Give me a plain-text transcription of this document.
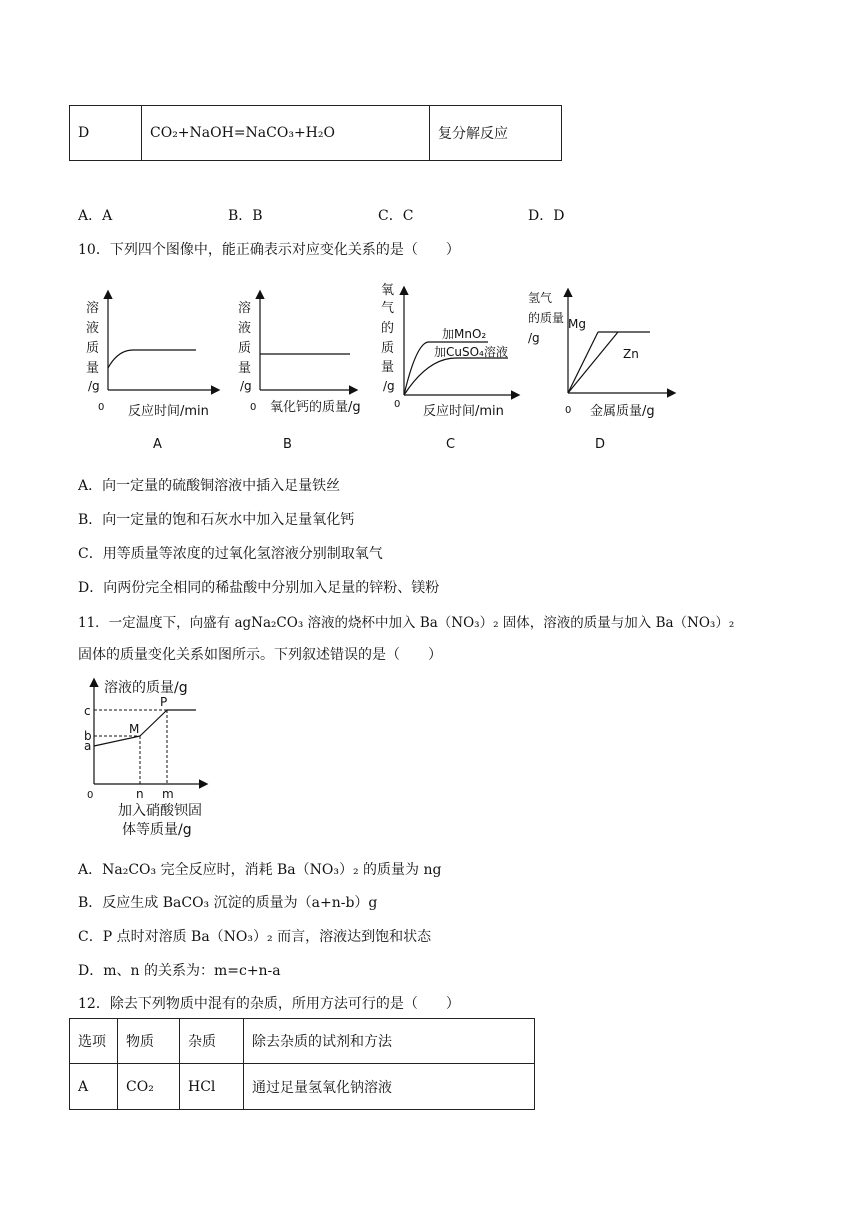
D	CO₂+NaOH=NaCO₃+H₂O	复分解反应
A．A	B．B	C．C	D．D
10．下列四个图像中，能正确表示对应变化关系的是（　　）
溶
液
质
量
/g
0 反应时间/min
A
溶
液
质
量
/g
0 氧化钙的质量/g
B
氧
气
的
质
量
/g
0
加MnO₂
加CuSO₄溶液
反应时间/min
C
氢气
的质量
/g
0
Mg
Zn
金属质量/g
D
A．向一定量的硫酸铜溶液中插入足量铁丝
B．向一定量的饱和石灰水中加入足量氧化钙
C．用等质量等浓度的过氧化氢溶液分别制取氧气
D．向两份完全相同的稀盐酸中分别加入足量的锌粉、镁粉
11．一定温度下，向盛有 agNa₂CO₃ 溶液的烧杯中加入 Ba（NO₃）₂ 固体，溶液的质量与加入 Ba（NO₃）₂
固体的质量变化关系如图所示。下列叙述错误的是（　　）
溶液的质量/g
c
b
a
M
P
0	n m
加入硝酸钡固
体等质量/g
A．Na₂CO₃ 完全反应时，消耗 Ba（NO₃）₂ 的质量为 ng
B．反应生成 BaCO₃ 沉淀的质量为（a+n-b）g
C．P 点时对溶质 Ba（NO₃）₂ 而言，溶液达到饱和状态
D．m、n 的关系为：m=c+n-a
12．除去下列物质中混有的杂质，所用方法可行的是（　　）
选项	物质	杂质	除去杂质的试剂和方法
A	CO₂	HCl	通过足量氢氧化钠溶液
